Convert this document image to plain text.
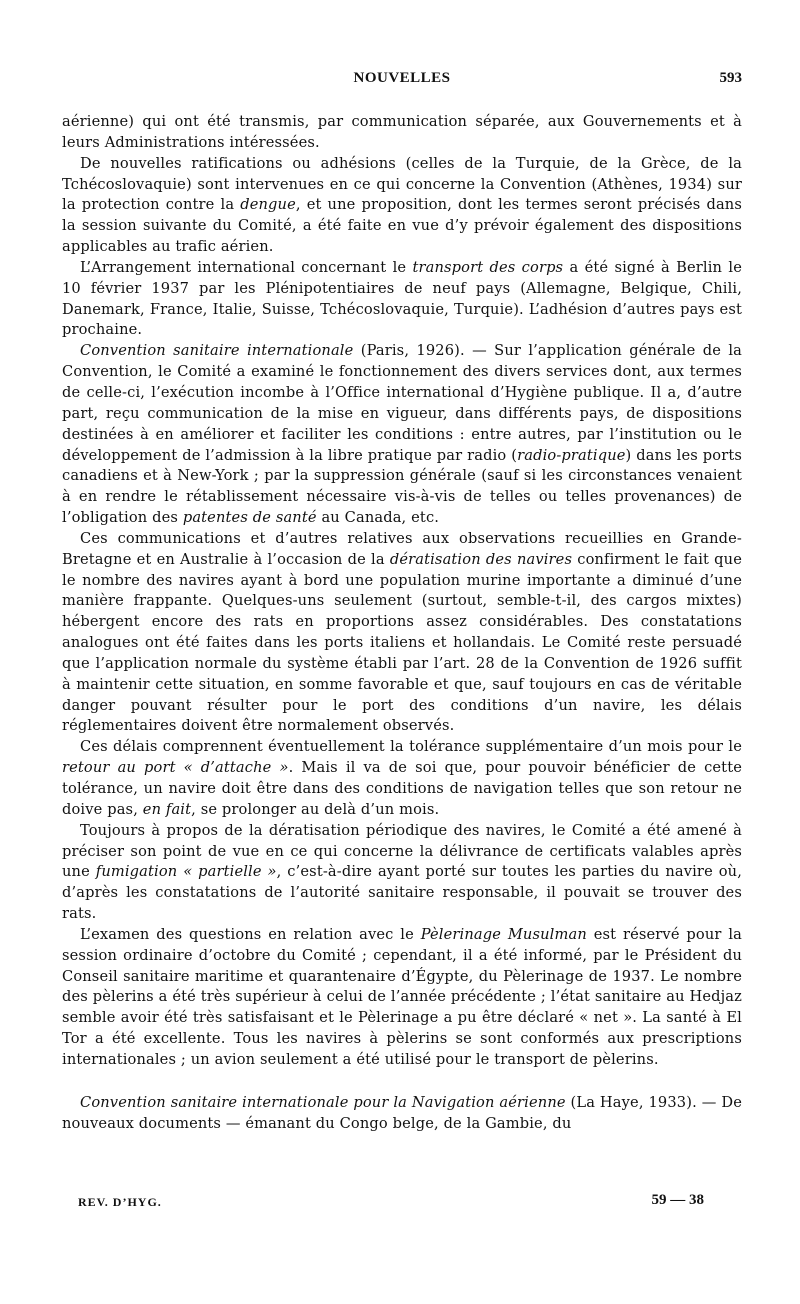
NOUVELLES	593

aérienne) qui ont été transmis, par communication séparée, aux Gouvernements et à leurs Administrations intéressées.

De nouvelles ratifications ou adhésions (celles de la Turquie, de la Grèce, de la Tchécoslovaquie) sont intervenues en ce qui concerne la Convention (Athènes, 1934) sur la protection contre la dengue, et une proposition, dont les termes seront précisés dans la session suivante du Comité, a été faite en vue d’y prévoir également des dispositions applicables au trafic aérien.

L’Arrangement international concernant le transport des corps a été signé à Berlin le 10 février 1937 par les Plénipotentiaires de neuf pays (Allemagne, Belgique, Chili, Danemark, France, Italie, Suisse, Tchécoslovaquie, Turquie). L’adhésion d’autres pays est prochaine.

Convention sanitaire internationale (Paris, 1926). — Sur l’application générale de la Convention, le Comité a examiné le fonctionnement des divers services dont, aux termes de celle-ci, l’exécution incombe à l’Office international d’Hygiène publique. Il a, d’autre part, reçu communication de la mise en vigueur, dans différents pays, de dispositions destinées à en améliorer et faciliter les conditions : entre autres, par l’institution ou le développement de l’admission à la libre pratique par radio (radio-pratique) dans les ports canadiens et à New-York ; par la suppression générale (sauf si les circonstances venaient à en rendre le rétablissement nécessaire vis-à-vis de telles ou telles provenances) de l’obligation des patentes de santé au Canada, etc.

Ces communications et d’autres relatives aux observations recueillies en Grande-Bretagne et en Australie à l’occasion de la dératisation des navires confirment le fait que le nombre des navires ayant à bord une population murine importante a diminué d’une manière frappante. Quelques-uns seulement (surtout, semble-t-il, des cargos mixtes) hébergent encore des rats en proportions assez considérables. Des constatations analogues ont été faites dans les ports italiens et hollandais. Le Comité reste persuadé que l’application normale du système établi par l’art. 28 de la Convention de 1926 suffit à maintenir cette situation, en somme favorable et que, sauf toujours en cas de véritable danger pouvant résulter pour le port des conditions d’un navire, les délais réglementaires doivent être normalement observés.

Ces délais comprennent éventuellement la tolérance supplémentaire d’un mois pour le retour au port « d’attache ». Mais il va de soi que, pour pouvoir bénéficier de cette tolérance, un navire doit être dans des conditions de navigation telles que son retour ne doive pas, en fait, se prolonger au delà d’un mois.

Toujours à propos de la dératisation périodique des navires, le Comité a été amené à préciser son point de vue en ce qui concerne la délivrance de certificats valables après une fumigation « partielle », c’est-à-dire ayant porté sur toutes les parties du navire où, d’après les constatations de l’autorité sanitaire responsable, il pouvait se trouver des rats.

L’examen des questions en relation avec le Pèlerinage Musulman est réservé pour la session ordinaire d’octobre du Comité ; cependant, il a été informé, par le Président du Conseil sanitaire maritime et quarantenaire d’Égypte, du Pèlerinage de 1937. Le nombre des pèlerins a été très supérieur à celui de l’année précédente ; l’état sanitaire au Hedjaz semble avoir été très satisfaisant et le Pèlerinage a pu être déclaré « net ». La santé à El Tor a été excellente. Tous les navires à pèlerins se sont conformés aux prescriptions internationales ; un avion seulement a été utilisé pour le transport de pèlerins.

Convention sanitaire internationale pour la Navigation aérienne (La Haye, 1933). — De nouveaux documents — émanant du Congo belge, de la Gambie, du

REV. D’HYG.	59 — 38
